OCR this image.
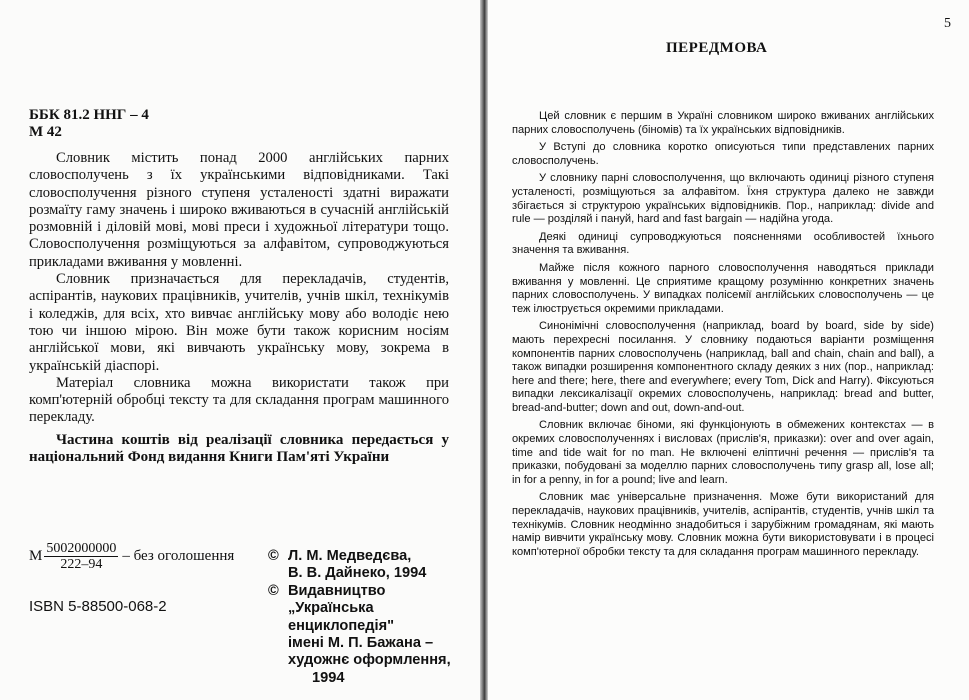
ББК 81.2 ННГ – 4
М 42

Словник містить понад 2000 англійських парних словосполучень з їх українськими відповідниками. Такі словосполучення різного ступеня усталеності здатні виражати розмаїту гаму значень і широко вживаються в сучасній англійській розмовній і діловій мові, мові преси і художньої літератури тощо. Словосполучення розміщуються за алфавітом, супроводжуються прикладами вживання у мовленні.

Словник призначається для перекладачів, студентів, аспірантів, наукових працівників, учителів, учнів шкіл, технікумів і коледжів, для всіх, хто вивчає англійську мову або володіє нею тою чи іншою мірою. Він може бути також корисним носіям англійської мови, які вивчають українську мову, зокрема в українській діаспорі.

Матеріал словника можна використати також при комп'ютерній обробці тексту та для складання програм машинного перекладу.

Частина коштів від реалізації словника передається у національний Фонд видання Книги Пам'яті України

М $\frac{5002000000}{222-94}$ – без оголошення
ISBN 5-88500-068-2
© Л. М. Медведєва,
В. В. Дайнеко, 1994
© Видавництво „Українська енциклопедія"
імені М. П. Бажана –
художнє оформлення,
1994
5
ПЕРЕДМОВА

Цей словник є першим в Україні словником широко вживаних англійських парних словосполучень (біномів) та їх українських відповідників.

У Вступі до словника коротко описуються типи представлених парних словосполучень.

У словнику парні словосполучення, що включають одиниці різного ступеня усталеності, розміщуються за алфавітом. Їхня структура далеко не завжди збігається зі структурою українських відповідників. Пор., наприклад: divide and rule — розділяй і пануй, hard and fast bargain — надійна угода.

Деякі одиниці супроводжуються поясненнями особливостей їхнього значення та вживання.

Майже після кожного парного словосполучення наводяться приклади вживання у мовленні. Це сприятиме кращому розумінню конкретних значень парних словосполучень. У випадках полісемії англійських словосполучень — це теж ілюструється окремими прикладами.

Синонімічні словосполучення (наприклад, board by board, side by side) мають перехресні посилання. У словнику подаються варіанти розміщення компонентів парних словосполучень (наприклад, ball and chain, chain and ball), а також випадки розширення компонентного складу деяких з них (пор., наприклад: here and there; here, there and everywhere; every Tom, Dick and Harry). Фіксуються випадки лексикалізації окремих словосполучень, наприклад: bread and butter, bread-and-butter; down and out, down-and-out.

Словник включає біноми, які функціонують в обмежених контекстах — в окремих словосполученнях і висловах (прислів'я, приказки): over and over again, time and tide wait for no man. Не включені еліптичні речення — прислів'я та приказки, побудовані за моделлю парних словосполучень типу grasp all, lose all; in for a penny, in for a pound; live and learn.

Словник має універсальне призначення. Може бути використаний для перекладачів, наукових працівників, учителів, аспірантів, студентів, учнів шкіл та технікумів. Словник неодмінно знадобиться і зарубіжним громадянам, які мають намір вивчити українську мову. Словник можна бути використовувати і в процесі комп'ютерної обробки тексту та для складання програм машинного перекладу.
